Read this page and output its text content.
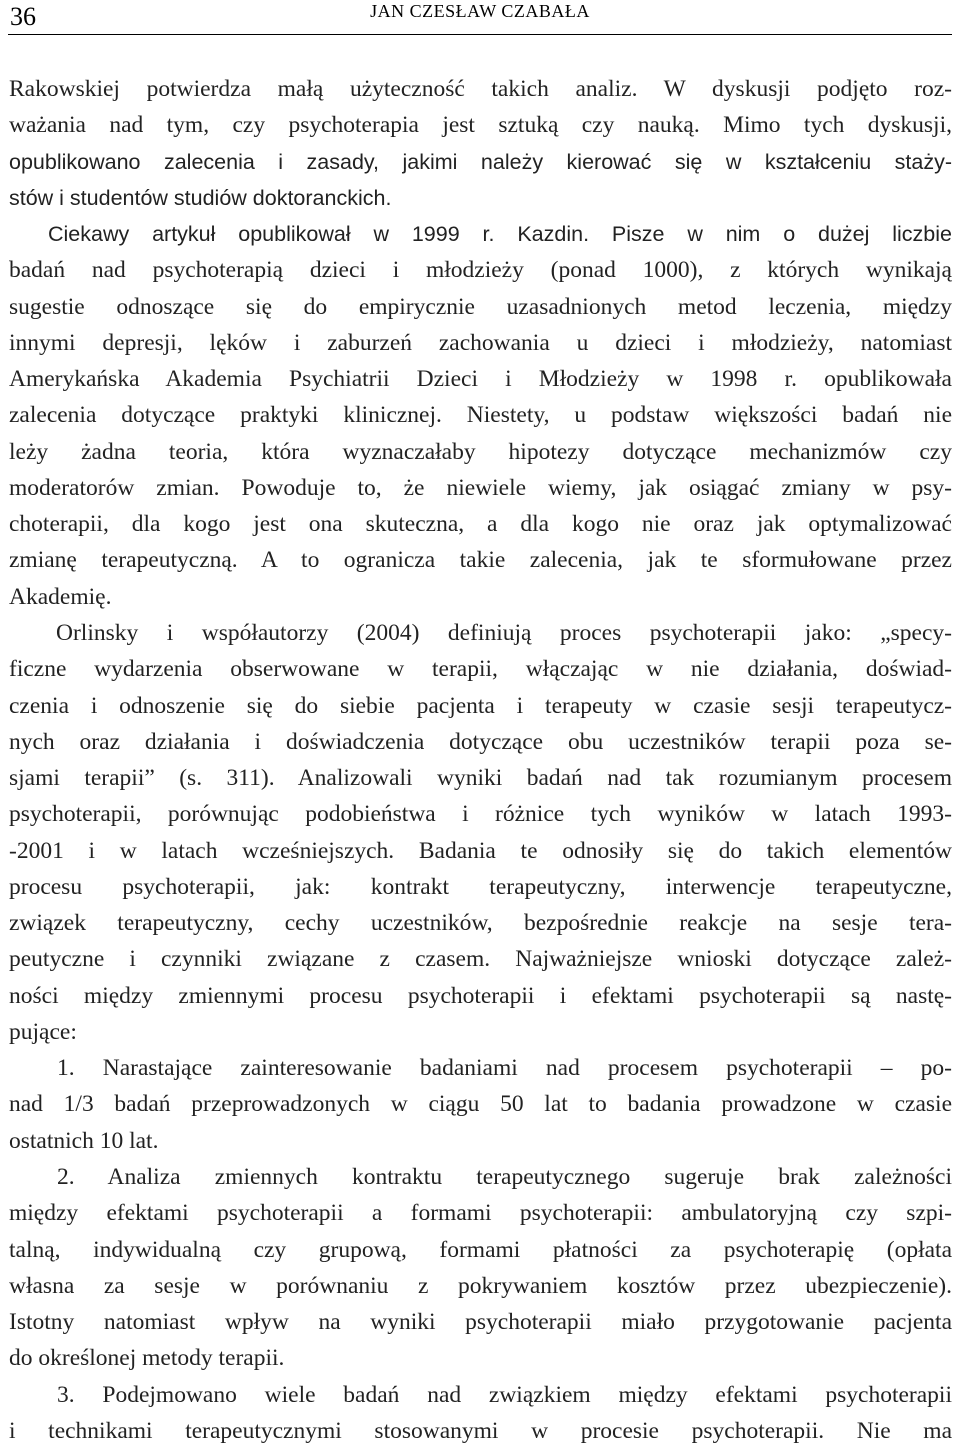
36	JAN CZESŁAW CZABAŁA
Rakowskiej potwierdza małą użyteczność takich analiz. W dyskusji podjęto roz-
ważania nad tym, czy psychoterapia jest sztuką czy nauką. Mimo tych dyskusji,
opublikowano zalecenia i zasady, jakimi należy kierować się w kształceniu staży-
stów i studentów studiów doktoranckich.
Ciekawy artykuł opublikował w 1999 r. Kazdin. Pisze w nim o dużej liczbie
badań nad psychoterapią dzieci i młodzieży (ponad 1000), z których wynikają
sugestie odnoszące się do empirycznie uzasadnionych metod leczenia, między
innymi depresji, lęków i zaburzeń zachowania u dzieci i młodzieży, natomiast
Amerykańska Akademia Psychiatrii Dzieci i Młodzieży w 1998 r. opublikowała
zalecenia dotyczące praktyki klinicznej. Niestety, u podstaw większości badań nie
leży żadna teoria, która wyznaczałaby hipotezy dotyczące mechanizmów czy
moderatorów zmian. Powoduje to, że niewiele wiemy, jak osiągać zmiany w psy-
choterapii, dla kogo jest ona skuteczna, a dla kogo nie oraz jak optymalizować
zmianę terapeutyczną. A to ogranicza takie zalecenia, jak te sformułowane przez
Akademię.
Orlinsky i współautorzy (2004) definiują proces psychoterapii jako: „specy-
ficzne wydarzenia obserwowane w terapii, włączając w nie działania, doświad-
czenia i odnoszenie się do siebie pacjenta i terapeuty w czasie sesji terapeutycz-
nych oraz działania i doświadczenia dotyczące obu uczestników terapii poza se-
sjami terapii” (s. 311). Analizowali wyniki badań nad tak rozumianym procesem
psychoterapii, porównując podobieństwa i różnice tych wyników w latach 1993-
-2001 i w latach wcześniejszych. Badania te odnosiły się do takich elementów
procesu psychoterapii, jak: kontrakt terapeutyczny, interwencje terapeutyczne,
związek terapeutyczny, cechy uczestników, bezpośrednie reakcje na sesje tera-
peutyczne i czynniki związane z czasem. Najważniejsze wnioski dotyczące zależ-
ności między zmiennymi procesu psychoterapii i efektami psychoterapii są nastę-
pujące:
1. Narastające zainteresowanie badaniami nad procesem psychoterapii – po-
nad 1/3 badań przeprowadzonych w ciągu 50 lat to badania prowadzone w czasie
ostatnich 10 lat.
2. Analiza zmiennych kontraktu terapeutycznego sugeruje brak zależności
między efektami psychoterapii a formami psychoterapii: ambulatoryjną czy szpi-
talną, indywidualną czy grupową, formami płatności za psychoterapię (opłata
własna za sesje w porównaniu z pokrywaniem kosztów przez ubezpieczenie).
Istotny natomiast wpływ na wyniki psychoterapii miało przygotowanie pacjenta
do określonej metody terapii.
3. Podejmowano wiele badań nad związkiem między efektami psychoterapii
i technikami terapeutycznymi stosowanymi w procesie psychoterapii. Nie ma
